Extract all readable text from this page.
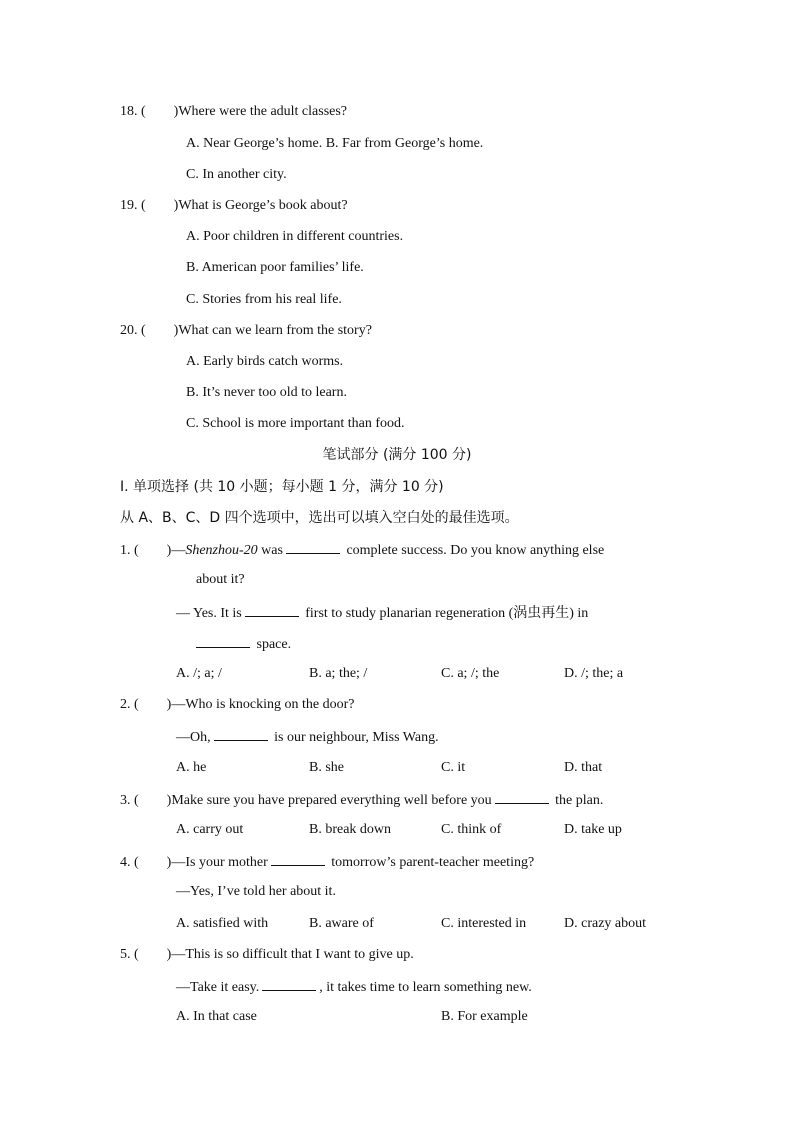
18. ( )Where were the adult classes?
A. Near George’s home. B. Far from George’s home.
C. In another city.
19. ( )What is George’s book about?
A. Poor children in different countries.
B. American poor families’ life.
C. Stories from his real life.
20. ( )What can we learn from the story?
A. Early birds catch worms.
B. It’s never too old to learn.
C. School is more important than food.
笔试部分 (满分 100 分)
I. 单项选择 (共 10 小题；每小题 1 分，满分 10 分)
从 A、B、C、D 四个选项中，选出可以填入空白处的最佳选项。
1. ( )—Shenzhou-20 was	complete success. Do you know anything else
about it?
— Yes. It is	first to study planarian regeneration (涡虫再生) in
space.
A. /; a; /	B. a; the; /	C. a; /; the	D. /; the; a
2. ( )—Who is knocking on the door?
—Oh,	is our neighbour, Miss Wang.
A. he	B. she	C. it	D. that
3. ( )Make sure you have prepared everything well before you	the plan.
A. carry out	B. break down	C. think of	D. take up
4. ( )—Is your mother	tomorrow’s parent-teacher meeting?
—Yes, I’ve told her about it.
A. satisfied with	B. aware of	C. interested in	D. crazy about
5. ( )—This is so difficult that I want to give up.
—Take it easy.	, it takes time to learn something new.
A. In that case	B. For example
